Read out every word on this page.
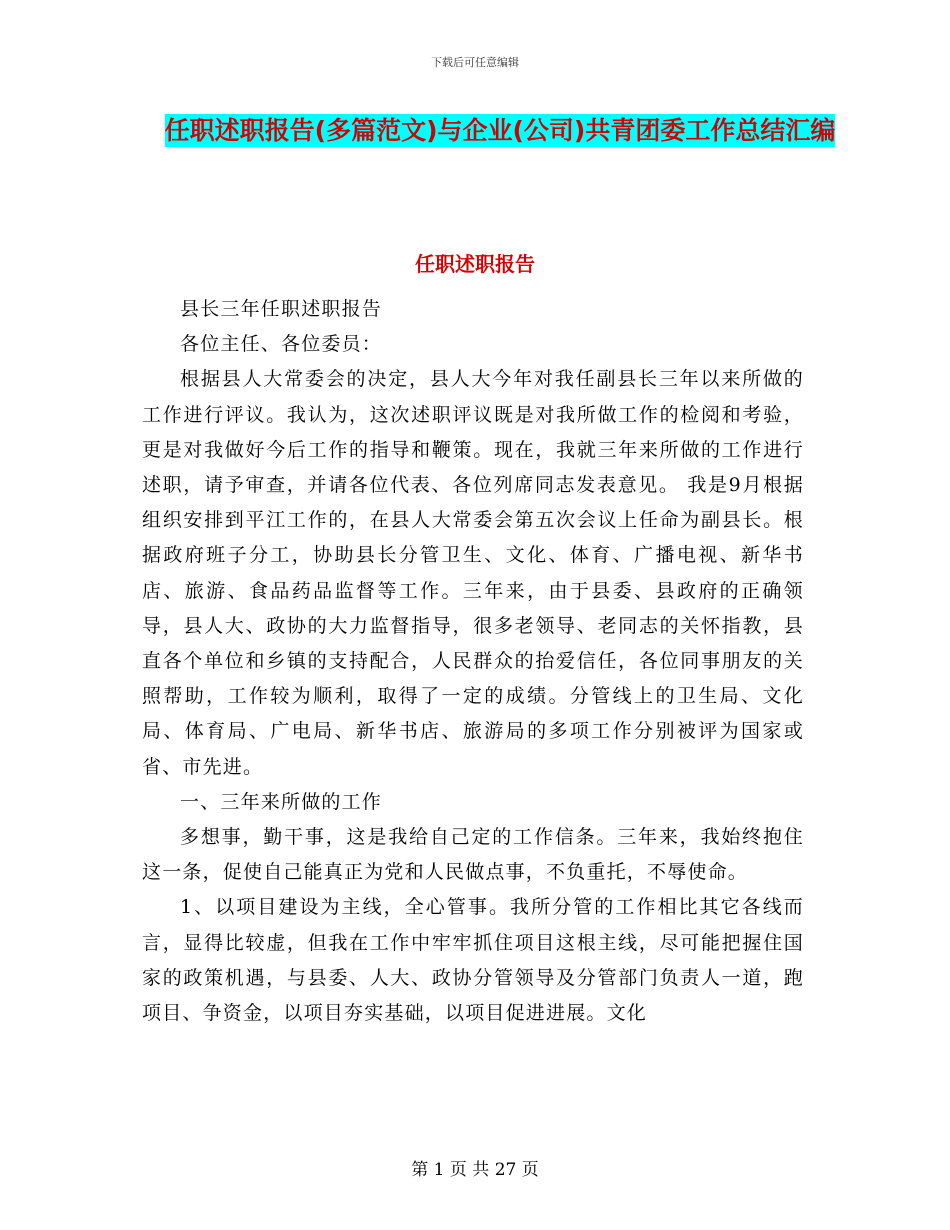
下载后可任意编辑
任职述职报告(多篇范文)与企业(公司)共青团委工作总结汇编
任职述职报告

县长三年任职述职报告

各位主任、各位委员：

根据县人大常委会的决定，县人大今年对我任副县长三年以来所做的工作进行评议。我认为，这次述职评议既是对我所做工作的检阅和考验，更是对我做好今后工作的指导和鞭策。现在，我就三年来所做的工作进行述职，请予审查，并请各位代表、各位列席同志发表意见。 我是9月根据组织安排到平江工作的，在县人大常委会第五次会议上任命为副县长。根据政府班子分工，协助县长分管卫生、文化、体育、广播电视、新华书店、旅游、食品药品监督等工作。三年来，由于县委、县政府的正确领导，县人大、政协的大力监督指导，很多老领导、老同志的关怀指教，县直各个单位和乡镇的支持配合，人民群众的抬爱信任，各位同事朋友的关照帮助，工作较为顺利，取得了一定的成绩。分管线上的卫生局、文化局、体育局、广电局、新华书店、旅游局的多项工作分别被评为国家或省、市先进。

一、三年来所做的工作

多想事，勤干事，这是我给自己定的工作信条。三年来，我始终抱住这一条，促使自己能真正为党和人民做点事，不负重托，不辱使命。

1、以项目建设为主线，全心管事。我所分管的工作相比其它各线而言，显得比较虚，但我在工作中牢牢抓住项目这根主线，尽可能把握住国家的政策机遇，与县委、人大、政协分管领导及分管部门负责人一道，跑项目、争资金，以项目夯实基础，以项目促进进展。文化

第 1 页 共 27 页
